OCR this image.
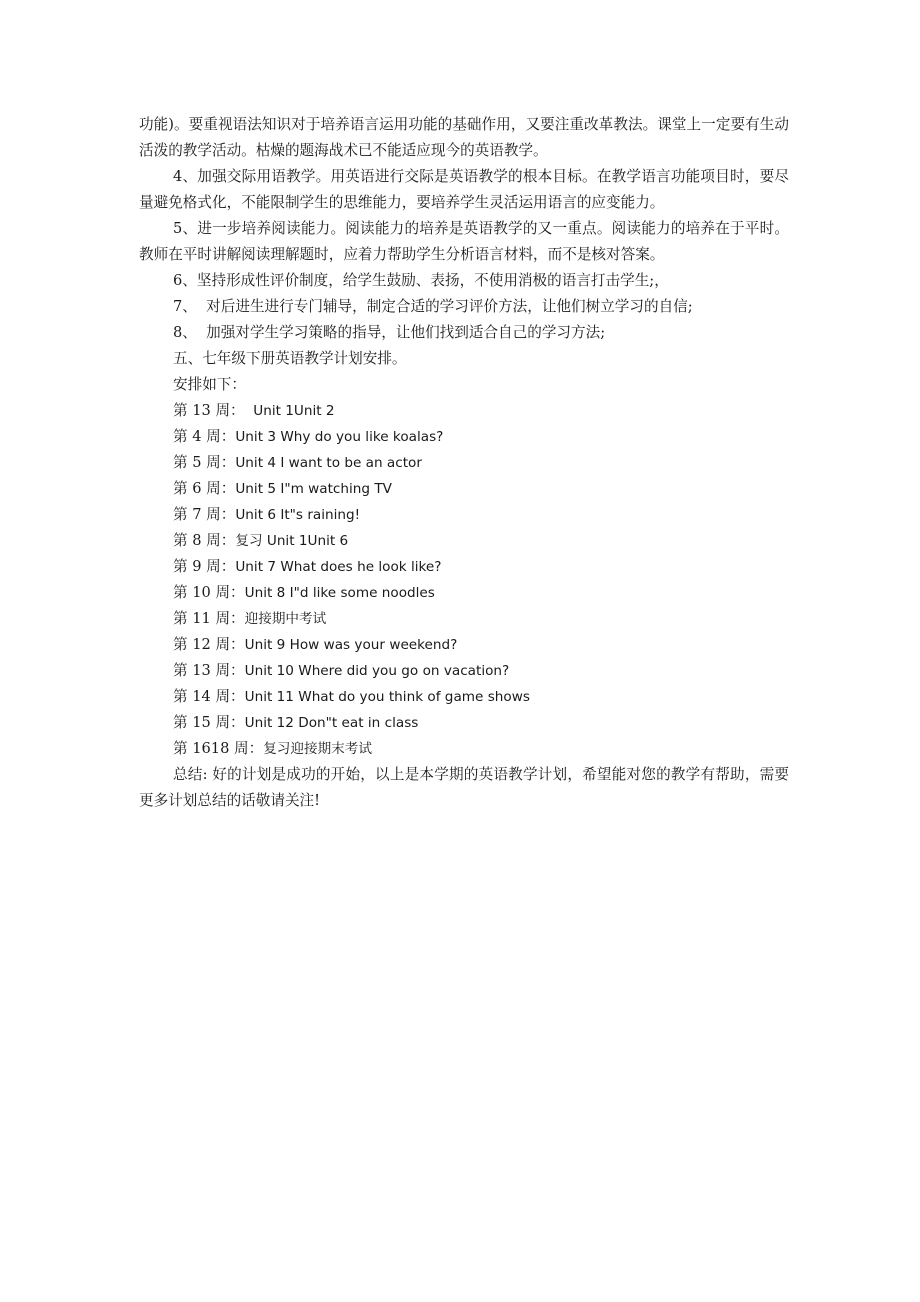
功能)。要重视语法知识对于培养语言运用功能的基础作用，又要注重改革教法。课堂上一定要有生动活泼的教学活动。枯燥的题海战术已不能适应现今的英语教学。

4、加强交际用语教学。用英语进行交际是英语教学的根本目标。在教学语言功能项目时，要尽量避免格式化，不能限制学生的思维能力，要培养学生灵活运用语言的应变能力。

5、进一步培养阅读能力。阅读能力的培养是英语教学的又一重点。阅读能力的培养在于平时。教师在平时讲解阅读理解题时，应着力帮助学生分析语言材料，而不是核对答案。

6、坚持形成性评价制度，给学生鼓励、表扬，不使用消极的语言打击学生;，

7、  对后进生进行专门辅导，制定合适的学习评价方法，让他们树立学习的自信;

8、  加强对学生学习策略的指导，让他们找到适合自己的学习方法;

五、七年级下册英语教学计划安排。

安排如下：

第 13 周：  Unit 1Unit 2

第 4 周：Unit 3 Why do you like koalas?

第 5 周：Unit 4 I want to be an actor

第 6 周：Unit 5 I"m watching TV

第 7 周：Unit 6 It"s raining!

第 8 周：复习 Unit 1Unit 6

第 9 周：Unit 7 What does he look like?

第 10 周：Unit 8 I"d like some noodles

第 11 周：迎接期中考试

第 12 周：Unit 9 How was your weekend?

第 13 周：Unit 10 Where did you go on vacation?

第 14 周：Unit 11 What do you think of game shows

第 15 周：Unit 12 Don"t eat in class

第 1618 周：复习迎接期末考试

总结: 好的计划是成功的开始，以上是本学期的英语教学计划，希望能对您的教学有帮助，需要更多计划总结的话敬请关注!
